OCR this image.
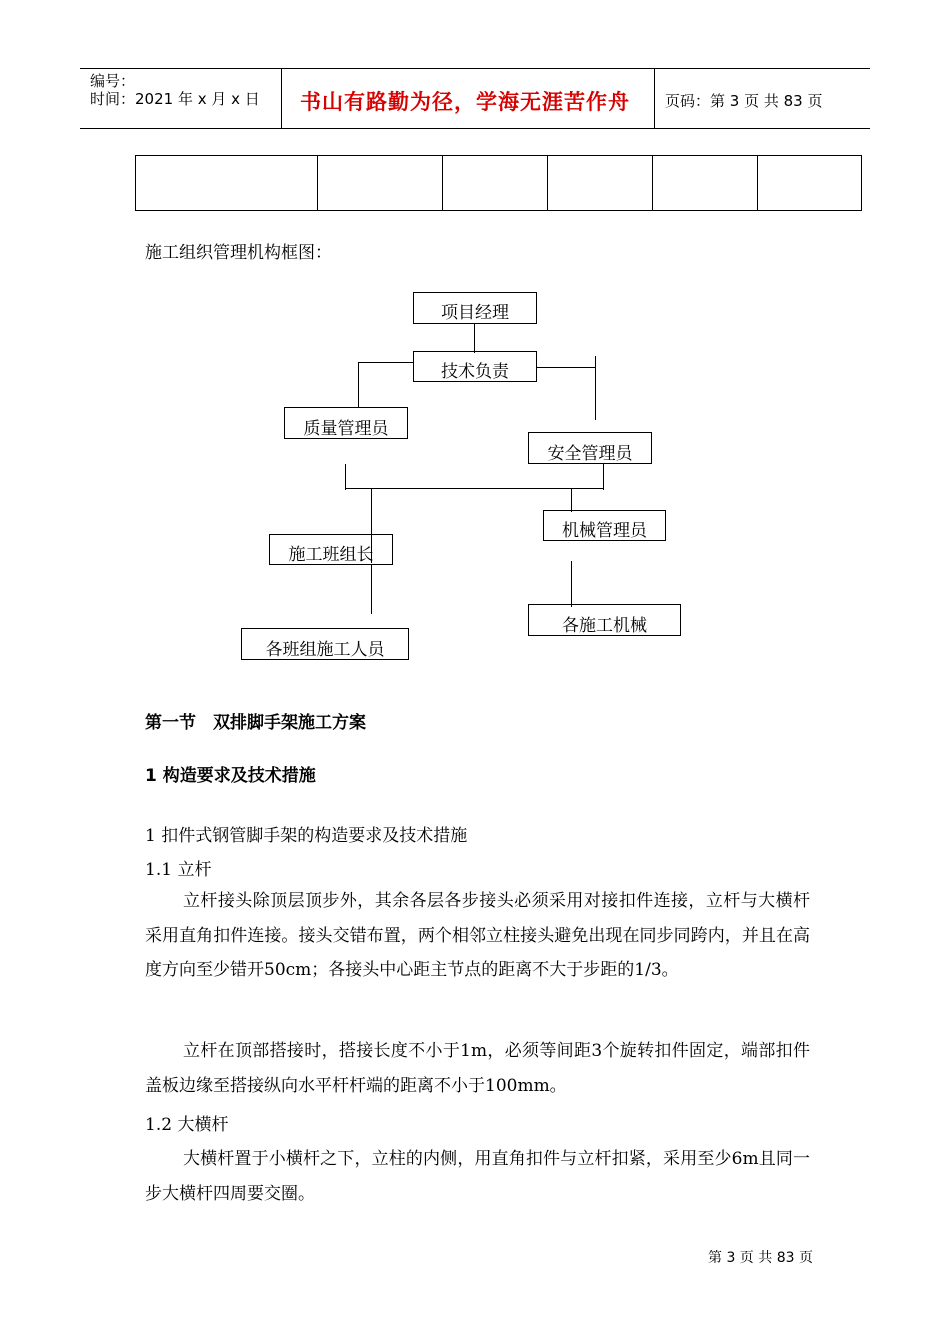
编号：
时间：2021 年 x 月 x 日 书山有路勤为径，学海无涯苦作舟 页码：第 3 页 共 83 页
施工组织管理机构框图：
项目经理
技术负责
质量管理员
安全管理员
机械管理员
施工班组长
各施工机械
各班组施工人员
第一节　双排脚手架施工方案
1 构造要求及技术措施
1 扣件式钢管脚手架的构造要求及技术措施
1.1 立杆
立杆接头除顶层顶步外，其余各层各步接头必须采用对接扣件连接，立杆与大横杆采用直角扣件连接。接头交错布置，两个相邻立柱接头避免出现在同步同跨内，并且在高度方向至少错开50cm；各接头中心距主节点的距离不大于步距的1/3。
立杆在顶部搭接时，搭接长度不小于1m，必须等间距3个旋转扣件固定，端部扣件盖板边缘至搭接纵向水平杆杆端的距离不小于100mm。
1.2 大横杆
大横杆置于小横杆之下，立柱的内侧，用直角扣件与立杆扣紧，采用至少6m且同一步大横杆四周要交圈。
第 3 页 共 83 页
